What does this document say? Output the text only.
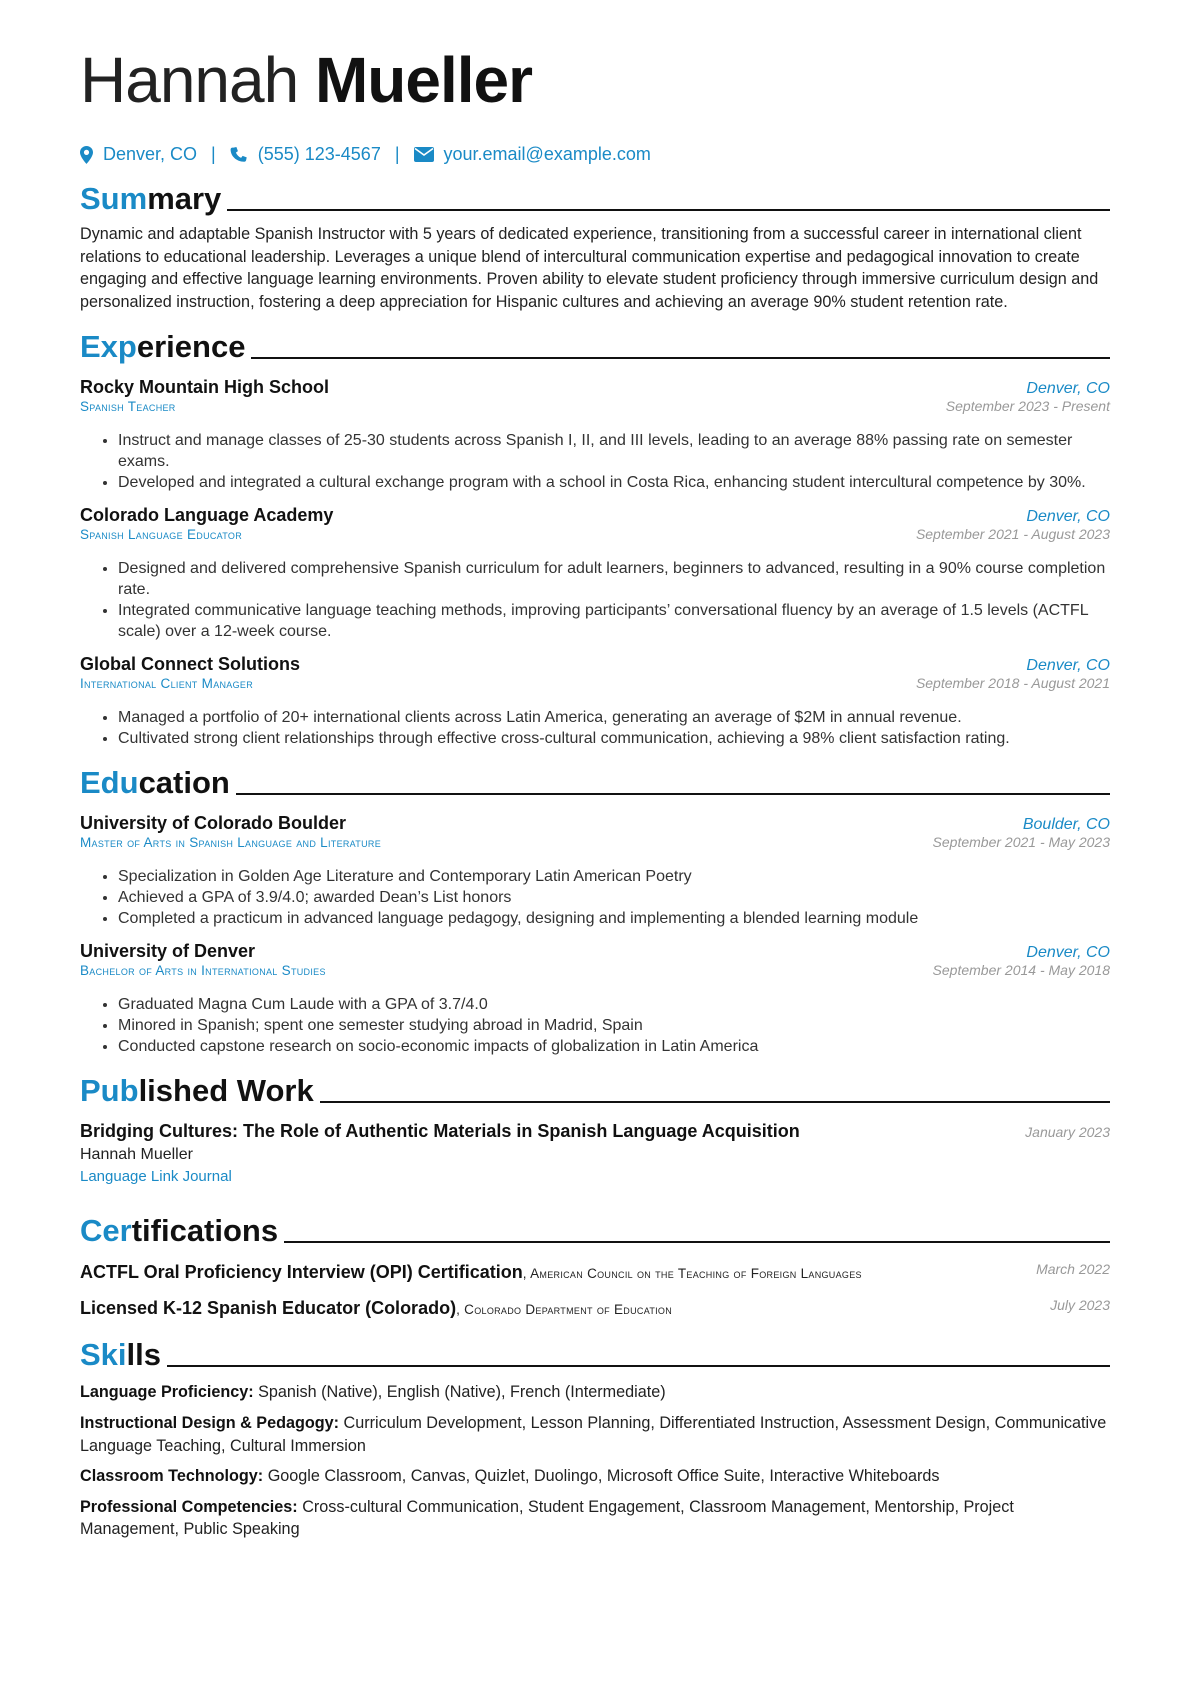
Hannah Mueller
Denver, CO | (555) 123-4567 | your.email@example.com
Summary

Dynamic and adaptable Spanish Instructor with 5 years of dedicated experience, transitioning from a successful career in international client relations to educational leadership. Leverages a unique blend of intercultural communication expertise and pedagogical innovation to create engaging and effective language learning environments. Proven ability to elevate student proficiency through immersive curriculum design and personalized instruction, fostering a deep appreciation for Hispanic cultures and achieving an average 90% student retention rate.

Experience
Rocky Mountain High School	Denver, CO
Spanish Teacher	September 2023 - Present
• Instruct and manage classes of 25-30 students across Spanish I, II, and III levels, leading to an average 88% passing rate on semester exams.
• Developed and integrated a cultural exchange program with a school in Costa Rica, enhancing student intercultural competence by 30%.
Colorado Language Academy	Denver, CO
Spanish Language Educator	September 2021 - August 2023
• Designed and delivered comprehensive Spanish curriculum for adult learners, beginners to advanced, resulting in a 90% course completion rate.
• Integrated communicative language teaching methods, improving participants’ conversational fluency by an average of 1.5 levels (ACTFL scale) over a 12-week course.
Global Connect Solutions	Denver, CO
International Client Manager	September 2018 - August 2021
• Managed a portfolio of 20+ international clients across Latin America, generating an average of $2M in annual revenue.
• Cultivated strong client relationships through effective cross-cultural communication, achieving a 98% client satisfaction rating.
Education
University of Colorado Boulder	Boulder, CO
Master of Arts in Spanish Language and Literature	September 2021 - May 2023
• Specialization in Golden Age Literature and Contemporary Latin American Poetry
• Achieved a GPA of 3.9/4.0; awarded Dean’s List honors
• Completed a practicum in advanced language pedagogy, designing and implementing a blended learning module
University of Denver	Denver, CO
Bachelor of Arts in International Studies	September 2014 - May 2018
• Graduated Magna Cum Laude with a GPA of 3.7/4.0
• Minored in Spanish; spent one semester studying abroad in Madrid, Spain
• Conducted capstone research on socio-economic impacts of globalization in Latin America
Published Work
Bridging Cultures: The Role of Authentic Materials in Spanish Language Acquisition	January 2023
Hannah Mueller
Language Link Journal
Certifications
ACTFL Oral Proficiency Interview (OPI) Certification, American Council on the Teaching of Foreign Languages	March 2022
Licensed K-12 Spanish Educator (Colorado), Colorado Department of Education	July 2023
Skills
Language Proficiency: Spanish (Native), English (Native), French (Intermediate)
Instructional Design & Pedagogy: Curriculum Development, Lesson Planning, Differentiated Instruction, Assessment Design, Communicative Language Teaching, Cultural Immersion
Classroom Technology: Google Classroom, Canvas, Quizlet, Duolingo, Microsoft Office Suite, Interactive Whiteboards
Professional Competencies: Cross-cultural Communication, Student Engagement, Classroom Management, Mentorship, Project Management, Public Speaking
